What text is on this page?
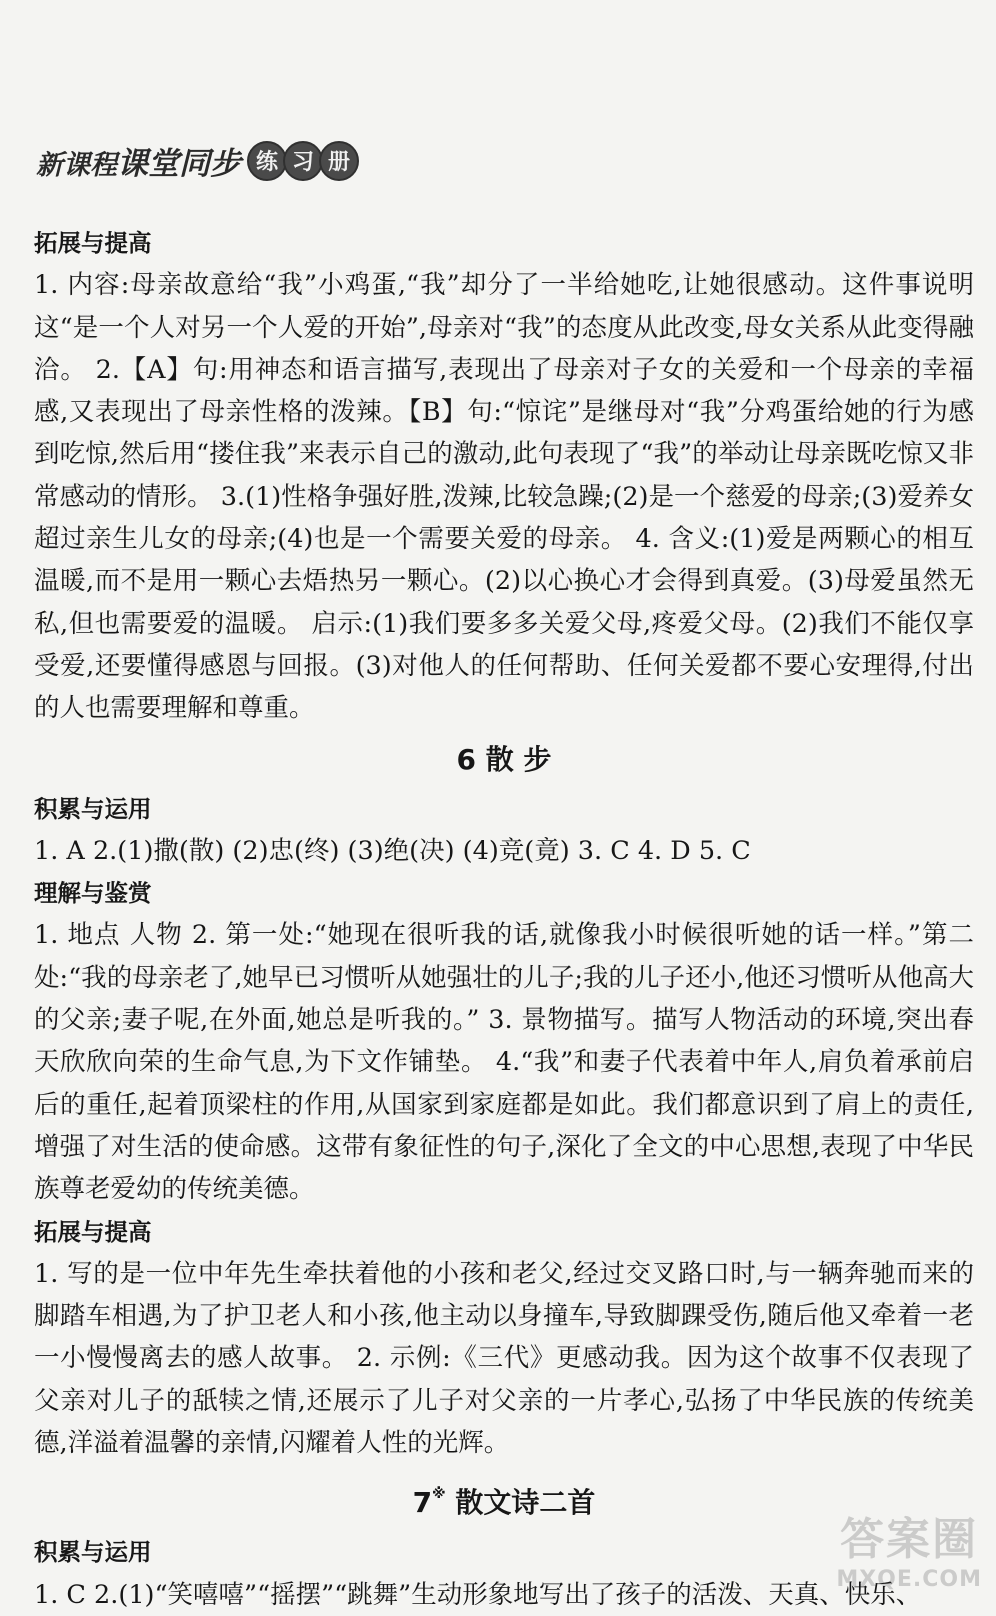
新课程课堂同步 练 习 册
拓展与提高

1. 内容:母亲故意给“我”小鸡蛋,“我”却分了一半给她吃,让她很感动。这件事说明这“是一个人对另一个人爱的开始”,母亲对“我”的态度从此改变,母女关系从此变得融洽。 2.【A】句:用神态和语言描写,表现出了母亲对子女的关爱和一个母亲的幸福感,又表现出了母亲性格的泼辣。【B】句:“惊诧”是继母对“我”分鸡蛋给她的行为感到吃惊,然后用“搂住我”来表示自己的激动,此句表现了“我”的举动让母亲既吃惊又非常感动的情形。 3.(1)性格争强好胜,泼辣,比较急躁;(2)是一个慈爱的母亲;(3)爱养女超过亲生儿女的母亲;(4)也是一个需要关爱的母亲。 4. 含义:(1)爱是两颗心的相互温暖,而不是用一颗心去焐热另一颗心。(2)以心换心才会得到真爱。(3)母爱虽然无私,但也需要爱的温暖。 启示:(1)我们要多多关爱父母,疼爱父母。(2)我们不能仅享受爱,还要懂得感恩与回报。(3)对他人的任何帮助、任何关爱都不要心安理得,付出的人也需要理解和尊重。

6 散 步
积累与运用

1. A 2.(1)撒(散) (2)忠(终) (3)绝(决) (4)竞(竟) 3. C 4. D 5. C

理解与鉴赏

1. 地点 人物 2. 第一处:“她现在很听我的话,就像我小时候很听她的话一样。”第二处:“我的母亲老了,她早已习惯听从她强壮的儿子;我的儿子还小,他还习惯听从他高大的父亲;妻子呢,在外面,她总是听我的。” 3. 景物描写。描写人物活动的环境,突出春天欣欣向荣的生命气息,为下文作铺垫。 4.“我”和妻子代表着中年人,肩负着承前启后的重任,起着顶梁柱的作用,从国家到家庭都是如此。我们都意识到了肩上的责任,增强了对生活的使命感。这带有象征性的句子,深化了全文的中心思想,表现了中华民族尊老爱幼的传统美德。

拓展与提高

1. 写的是一位中年先生牵扶着他的小孩和老父,经过交叉路口时,与一辆奔驰而来的脚踏车相遇,为了护卫老人和小孩,他主动以身撞车,导致脚踝受伤,随后他又牵着一老一小慢慢离去的感人故事。 2. 示例:《三代》更感动我。因为这个故事不仅表现了父亲对儿子的舐犊之情,还展示了儿子对父亲的一片孝心,弘扬了中华民族的传统美德,洋溢着温馨的亲情,闪耀着人性的光辉。

7※ 散文诗二首
积累与运用

1. C 2.(1)“笑嘻嘻”“摇摆”“跳舞”生动形象地写出了孩子的活泼、天真、快乐、

答案圈
MXQE.COM
